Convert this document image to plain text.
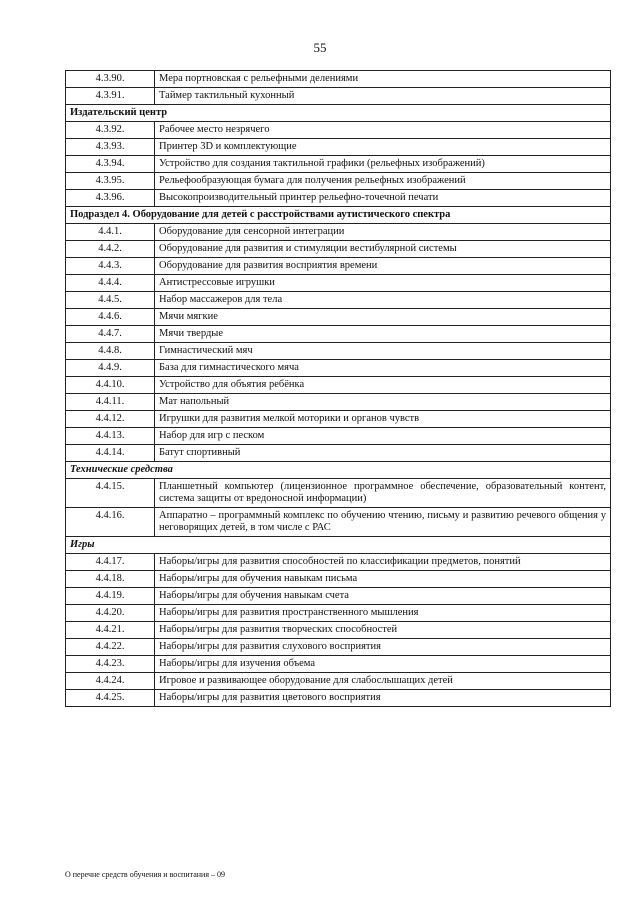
55
4.3.90.	Мера портновская с рельефными делениями
4.3.91.	Таймер тактильный кухонный
Издательский центр	
4.3.92.	Рабочее место незрячего
4.3.93.	Принтер 3D и комплектующие
4.3.94.	Устройство для создания тактильной графики (рельефных изображений)
4.3.95.	Рельефообразующая бумага для получения рельефных изображений
4.3.96.	Высокопроизводительный принтер рельефно-точечной печати
Подраздел 4. Оборудование для детей с расстройствами аутистического спектра	
4.4.1.	Оборудование для сенсорной интеграции
4.4.2.	Оборудование для развития и стимуляции вестибулярной системы
4.4.3.	Оборудование для развития восприятия времени
4.4.4.	Антистрессовые игрушки
4.4.5.	Набор массажеров для тела
4.4.6.	Мячи мягкие
4.4.7.	Мячи твердые
4.4.8.	Гимнастический мяч
4.4.9.	База для гимнастического мяча
4.4.10.	Устройство для объятия ребёнка
4.4.11.	Мат напольный
4.4.12.	Игрушки для развития мелкой моторики и органов чувств
4.4.13.	Набор для игр с песком
4.4.14.	Батут спортивный
Технические средства	
4.4.15.	Планшетный компьютер (лицензионное программное обеспечение, образовательный контент, система защиты от вредоносной информации)
4.4.16.	Аппаратно – программный комплекс по обучению чтению, письму и развитию речевого общения у неговорящих детей, в том числе с РАС
Игры	
4.4.17.	Наборы/игры для развития способностей по классификации предметов, понятий
4.4.18.	Наборы/игры для обучения навыкам письма
4.4.19.	Наборы/игры для обучения навыкам счета
4.4.20.	Наборы/игры для развития пространственного мышления
4.4.21.	Наборы/игры для развития творческих способностей
4.4.22.	Наборы/игры для развития слухового восприятия
4.4.23.	Наборы/игры для изучения объема
4.4.24.	Игровое и развивающее оборудование для слабослышащих детей
4.4.25.	Наборы/игры для развития цветового восприятия
О перечне средств обучения и воспитания – 09
